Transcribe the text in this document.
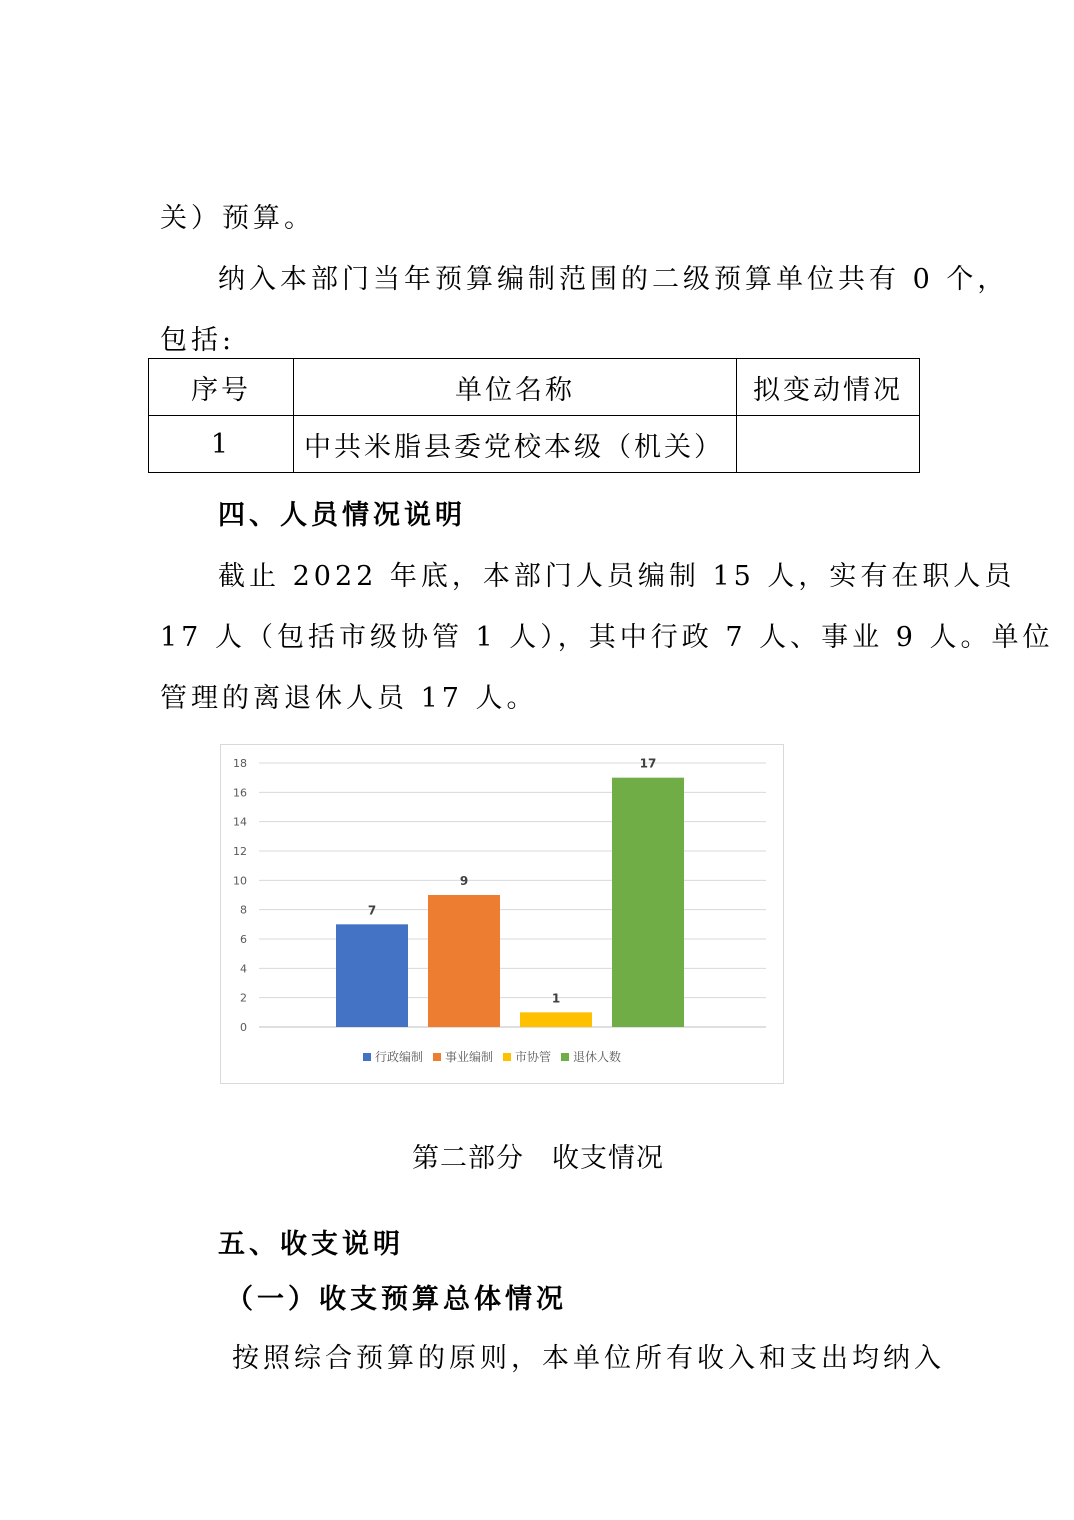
关）预算。
纳入本部门当年预算编制范围的二级预算单位共有 0 个，
包括:
序号	单位名称	拟变动情况
1	中共米脂县委党校本级（机关）	
四、人员情况说明
截止 2022 年底，本部门人员编制 15 人，实有在职人员
17 人（包括市级协管 1 人），其中行政 7 人、事业 9 人。单位
管理的离退休人员 17 人。
0
2
4
6
8
10
12
14
16
18
7
9
1
17
行政编制 事业编制 市协管 退休人数
第二部分　收支情况
五、收支说明
（一）收支预算总体情况
按照综合预算的原则，本单位所有收入和支出均纳入
